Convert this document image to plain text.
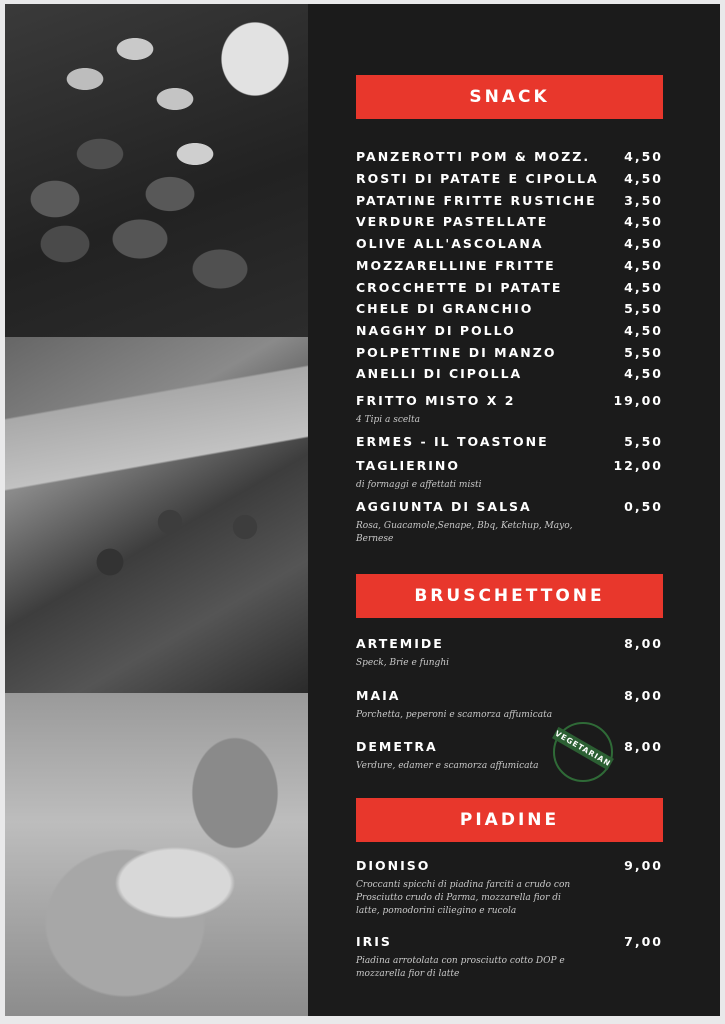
SNACK
PANZEROTTI POM & MOZZ.	4,50
ROSTI DI PATATE E CIPOLLA 4,50
PATATINE FRITTE RUSTICHE 3,50
VERDURE PASTELLATE	4,50
OLIVE ALL'ASCOLANA	4,50
MOZZARELLINE FRITTE	4,50
CROCCHETTE DI PATATE	4,50
CHELE DI GRANCHIO	5,50
NAGGHY DI POLLO	4,50
POLPETTINE DI MANZO	5,50
ANELLI DI CIPOLLA	4,50
FRITTO MISTO X 2	19,00
4 Tipi a scelta
ERMES - IL TOASTONE	5,50
TAGLIERINO	12,00
di formaggi e affettati misti
AGGIUNTA DI SALSA	0,50
Rosa, Guacamole,Senape, Bbq, Ketchup, Mayo, Bernese
BRUSCHETTONE
ARTEMIDE	8,00
Speck, Brie e funghi
MAIA	8,00
Porchetta, peperoni e scamorza affumicata
DEMETRA	8,00
Verdure, edamer e scamorza affumicata
PIADINE
DIONISO	9,00
Croccanti spicchi di piadina farciti a crudo con Prosciutto crudo di Parma, mozzarella fior di latte, pomodorini ciliegino e rucola
IRIS	7,00
Piadina arrotolata con prosciutto cotto DOP e mozzarella fior di latte
VEGETARIAN
